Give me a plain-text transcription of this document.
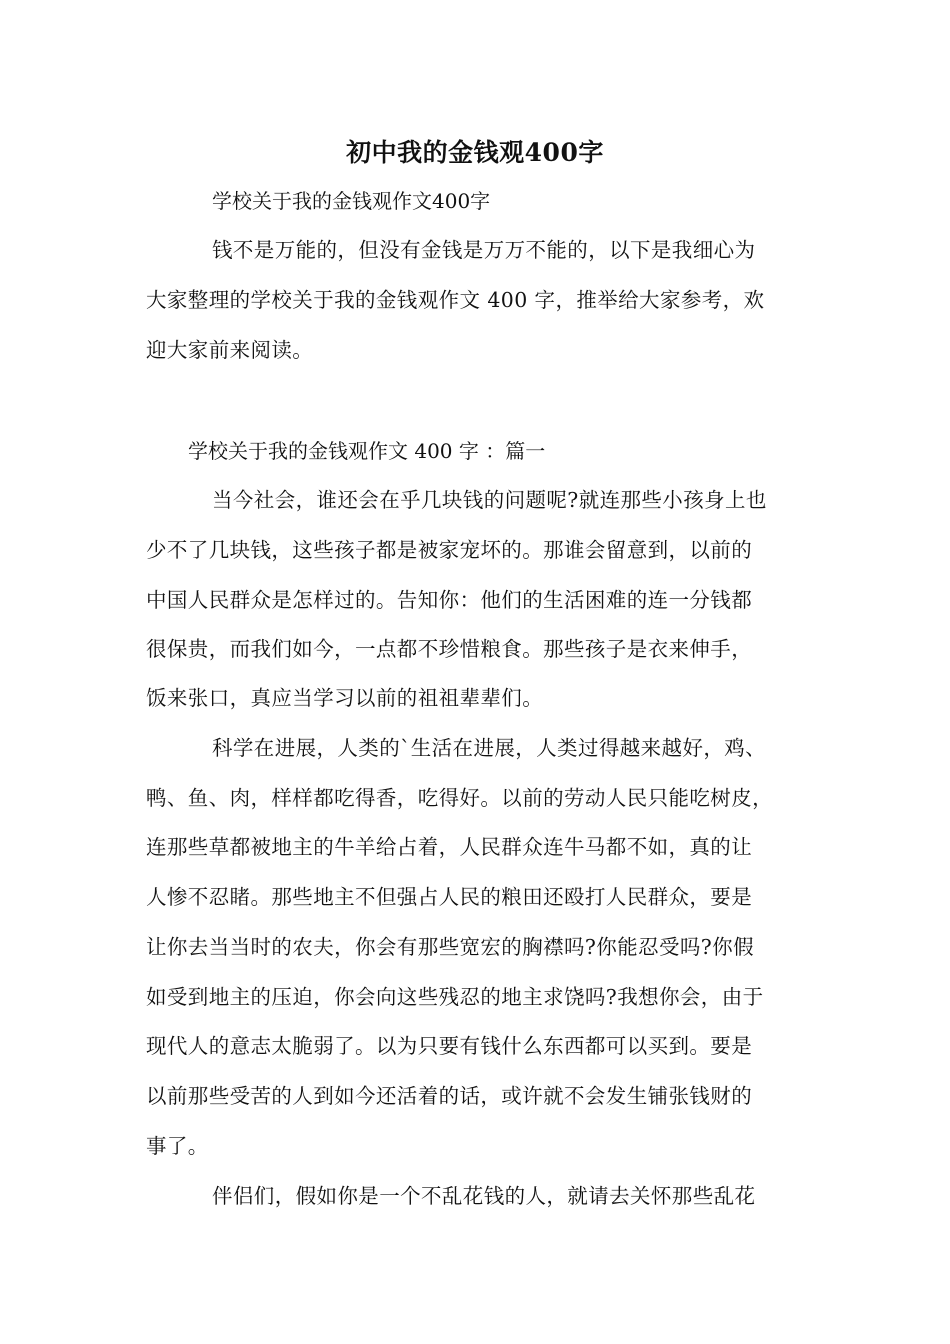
初中我的金钱观400字
学校关于我的金钱观作文400字
钱不是万能的，但没有金钱是万万不能的，以下是我细心为
大家整理的学校关于我的金钱观作文 400 字，推举给大家参考，欢
迎大家前来阅读。
学校关于我的金钱观作文 400 字 ：篇一
当今社会，谁还会在乎几块钱的问题呢?就连那些小孩身上也
少不了几块钱，这些孩子都是被家宠坏的。那谁会留意到，以前的
中国人民群众是怎样过的。告知你：他们的生活困难的连一分钱都
很保贵，而我们如今，一点都不珍惜粮食。那些孩子是衣来伸手，
饭来张口，真应当学习以前的祖祖辈辈们。
科学在进展，人类的`生活在进展，人类过得越来越好，鸡、
鸭、鱼、肉，样样都吃得香，吃得好。以前的劳动人民只能吃树皮，
连那些草都被地主的牛羊给占着，人民群众连牛马都不如，真的让
人惨不忍睹。那些地主不但强占人民的粮田还殴打人民群众，要是
让你去当当时的农夫，你会有那些宽宏的胸襟吗?你能忍受吗?你假
如受到地主的压迫，你会向这些残忍的地主求饶吗?我想你会，由于
现代人的意志太脆弱了。以为只要有钱什么东西都可以买到。要是
以前那些受苦的人到如今还活着的话，或许就不会发生铺张钱财的
事了。
伴侣们，假如你是一个不乱花钱的人，就请去关怀那些乱花
